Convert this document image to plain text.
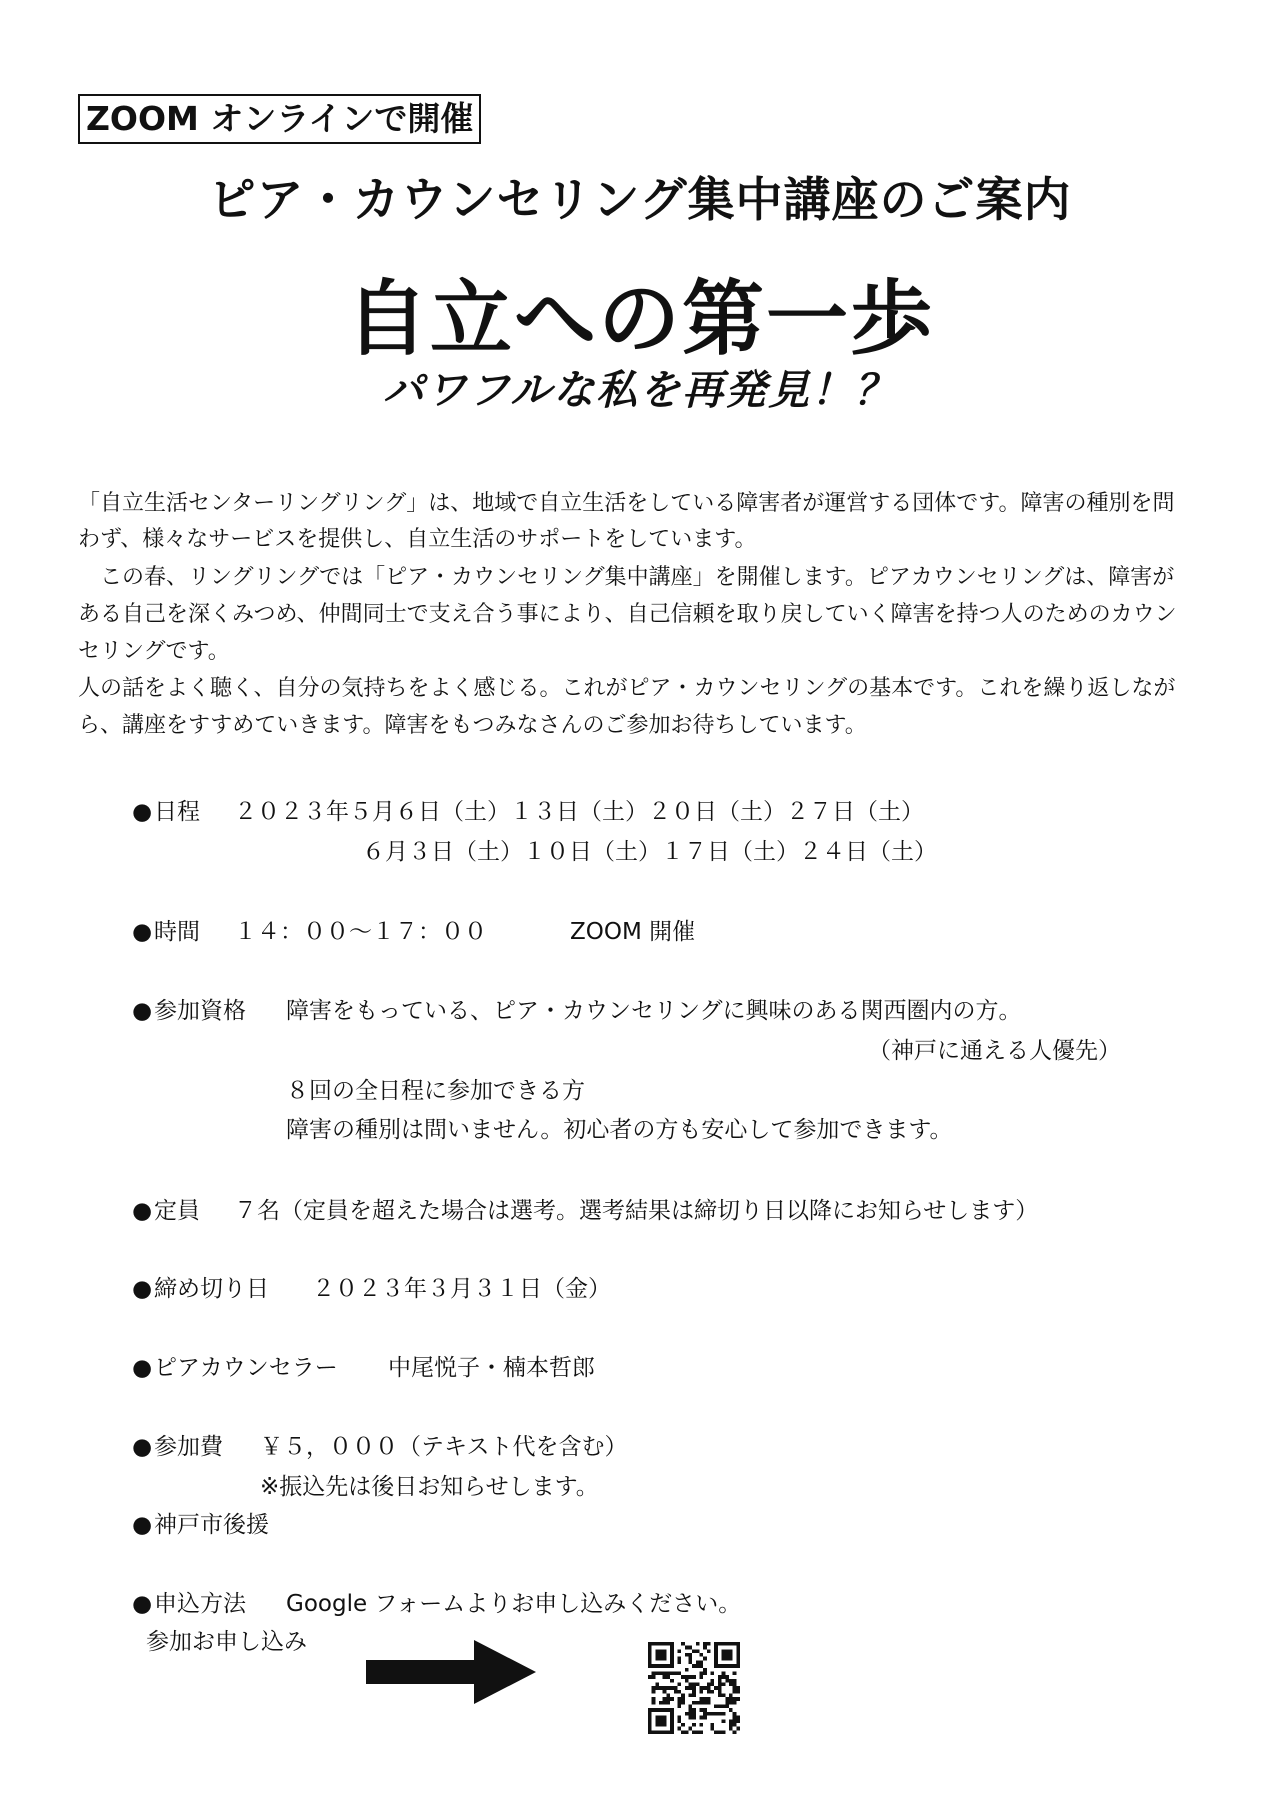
ZOOM オンラインで開催
ピア・カウンセリング集中講座のご案内
自立への第一歩
パワフルな私を再発見！？
「自立生活センターリングリング」は、地域で自立生活をしている障害者が運営する団体です。障害の種別を問
わず、様々なサービスを提供し、自立生活のサポートをしています。
　この春、リングリングでは「ピア・カウンセリング集中講座」を開催します。ピアカウンセリングは、障害が
ある自己を深くみつめ、仲間同士で支え合う事により、自己信頼を取り戻していく障害を持つ人のためのカウン
セリングです。
人の話をよく聴く、自分の気持ちをよく感じる。これがピア・カウンセリングの基本です。これを繰り返しなが
ら、講座をすすめていきます。障害をもつみなさんのご参加お待ちしています。
●日程 ２０２３年５月６日（土）１３日（土）２０日（土）２７日（土）
６月３日（土）１０日（土）１７日（土）２４日（土）
●時間 １４：００～１７：００	ZOOM 開催
●参加資格 障害をもっている、ピア・カウンセリングに興味のある関西圏内の方。
（神戸に通える人優先）
８回の全日程に参加できる方
障害の種別は問いません。初心者の方も安心して参加できます。
●定員 ７名（定員を超えた場合は選考。選考結果は締切り日以降にお知らせします）
●締め切り日 ２０２３年３月３１日（金）
●ピアカウンセラー 中尾悦子・楠本哲郎
●参加費 ￥５，０００（テキスト代を含む）
※振込先は後日お知らせします。
●神戸市後援
●申込方法 Google フォームよりお申し込みください。
参加お申し込み
